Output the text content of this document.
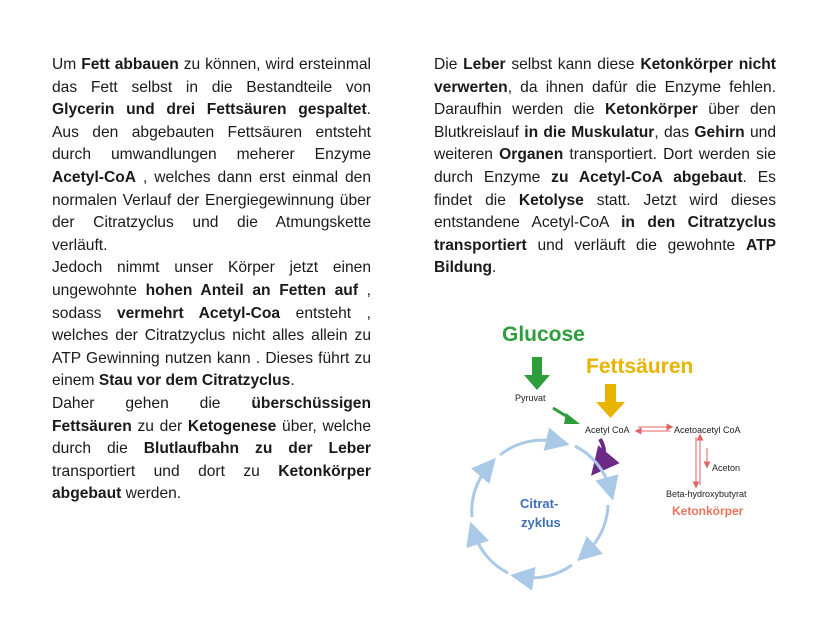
Um Fett abbauen zu können, wird ersteinmal das Fett selbst in die Bestandteile von Glycerin und drei Fettsäuren gespaltet. Aus den abgebauten Fettsäuren entsteht durch umwandlungen meherer Enzyme Acetyl-CoA , welches dann erst einmal den normalen Verlauf der Energiegewinnung über der Citratzyclus und die Atmungskette verläuft.

Jedoch nimmt unser Körper jetzt einen ungewohnte hohen Anteil an Fetten auf , sodass vermehrt Acetyl-Coa entsteht , welches der Citratzyclus nicht alles allein zu ATP Gewinning nutzen kann . Dieses führt zu einem Stau vor dem Citratzyclus.

Daher gehen die überschüssigen Fettsäuren zu der Ketogenese über, welche durch die Blutlaufbahn zu der Leber transportiert und dort zu Ketonkörper abgebaut werden.

Die Leber selbst kann diese Ketonkörper nicht verwerten, da ihnen dafür die Enzyme fehlen. Daraufhin werden die Ketonkörper über den Blutkreislauf in die Muskulatur, das Gehirn und weiteren Organen transportiert. Dort werden sie durch Enzyme zu Acetyl-CoA abgebaut. Es findet die Ketolyse statt. Jetzt wird dieses entstandene Acetyl-CoA in den Citratzyclus transportiert und verläuft die gewohnte ATP Bildung.

Glucose
Fettsäuren
Pyruvat
Acetyl CoA	Acetoacetyl CoA
Aceton
Beta-hydroxybutyrat
Ketonkörper
Citrat-
zyklus
